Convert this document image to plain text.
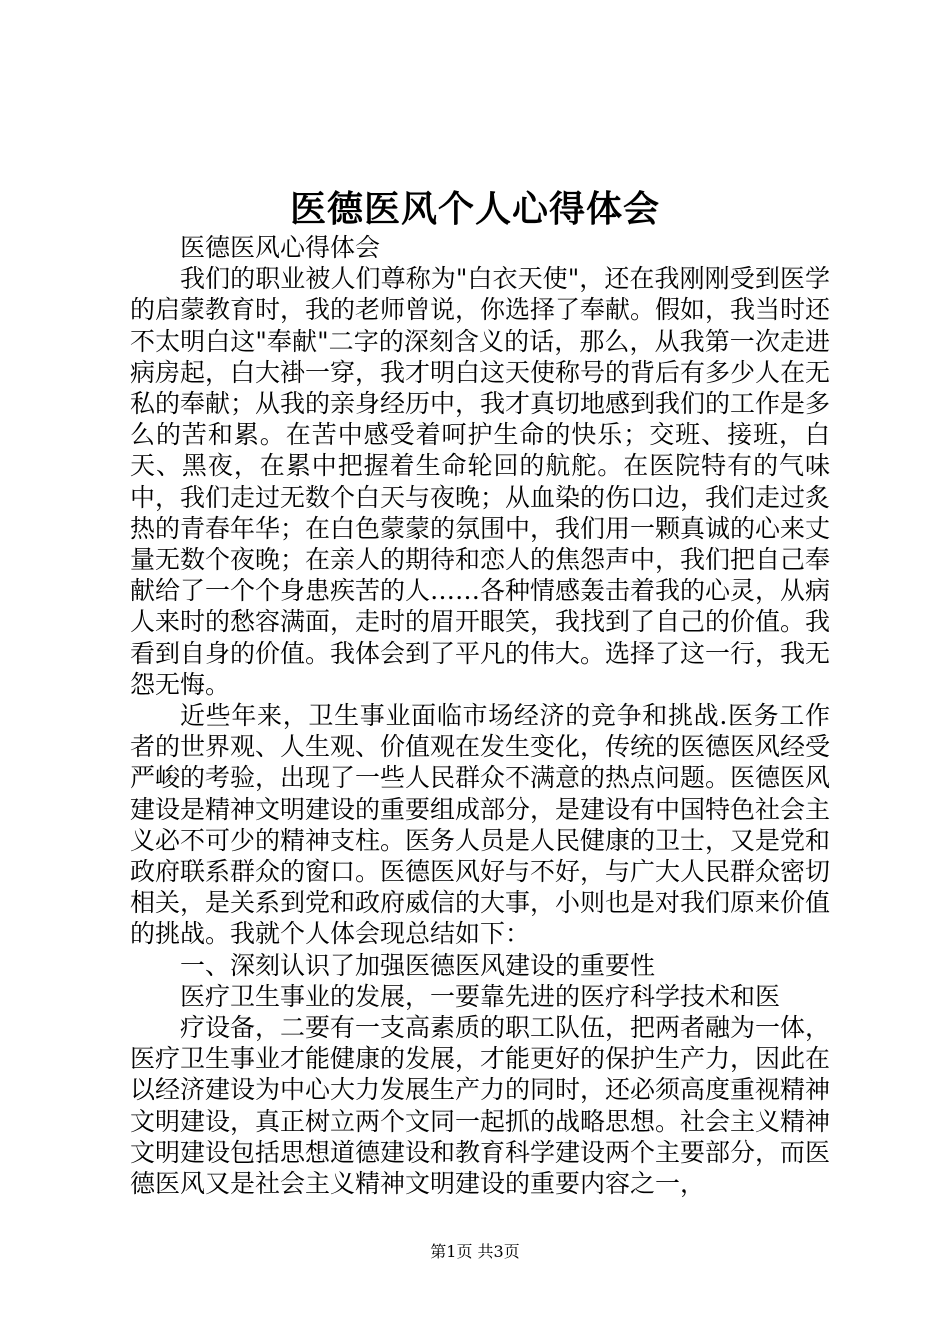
医德医风个人心得体会

医德医风心得体会

我们的职业被人们尊称为"白衣天使"，还在我刚刚受到医学的启蒙教育时，我的老师曾说，你选择了奉献。假如，我当时还不太明白这"奉献"二字的深刻含义的话，那么，从我第一次走进病房起，白大褂一穿，我才明白这天使称号的背后有多少人在无私的奉献；从我的亲身经历中，我才真切地感到我们的工作是多么的苦和累。在苦中感受着呵护生命的快乐；交班、接班，白天、黑夜，在累中把握着生命轮回的航舵。在医院特有的气味中，我们走过无数个白天与夜晚；从血染的伤口边，我们走过炙热的青春年华；在白色蒙蒙的氛围中，我们用一颗真诚的心来丈量无数个夜晚；在亲人的期待和恋人的焦怨声中，我们把自己奉献给了一个个身患疾苦的人……各种情感轰击着我的心灵，从病人来时的愁容满面，走时的眉开眼笑，我找到了自己的价值。我看到自身的价值。我体会到了平凡的伟大。选择了这一行，我无怨无悔。

近些年来，卫生事业面临市场经济的竞争和挑战.医务工作者的世界观、人生观、价值观在发生变化，传统的医德医风经受严峻的考验，出现了一些人民群众不满意的热点问题。医德医风建设是精神文明建设的重要组成部分，是建设有中国特色社会主义必不可少的精神支柱。医务人员是人民健康的卫士，又是党和政府联系群众的窗口。医德医风好与不好，与广大人民群众密切相关，是关系到党和政府威信的大事，小则也是对我们原来价值的挑战。我就个人体会现总结如下：

一、深刻认识了加强医德医风建设的重要性

医疗卫生事业的发展，一要靠先进的医疗科学技术和医

疗设备，二要有一支高素质的职工队伍，把两者融为一体，医疗卫生事业才能健康的发展，才能更好的保护生产力，因此在以经济建设为中心大力发展生产力的同时，还必须高度重视精神文明建设，真正树立两个文同一起抓的战略思想。社会主义精神文明建设包括思想道德建设和教育科学建设两个主要部分，而医德医风又是社会主义精神文明建设的重要内容之一，

第1页 共3页
